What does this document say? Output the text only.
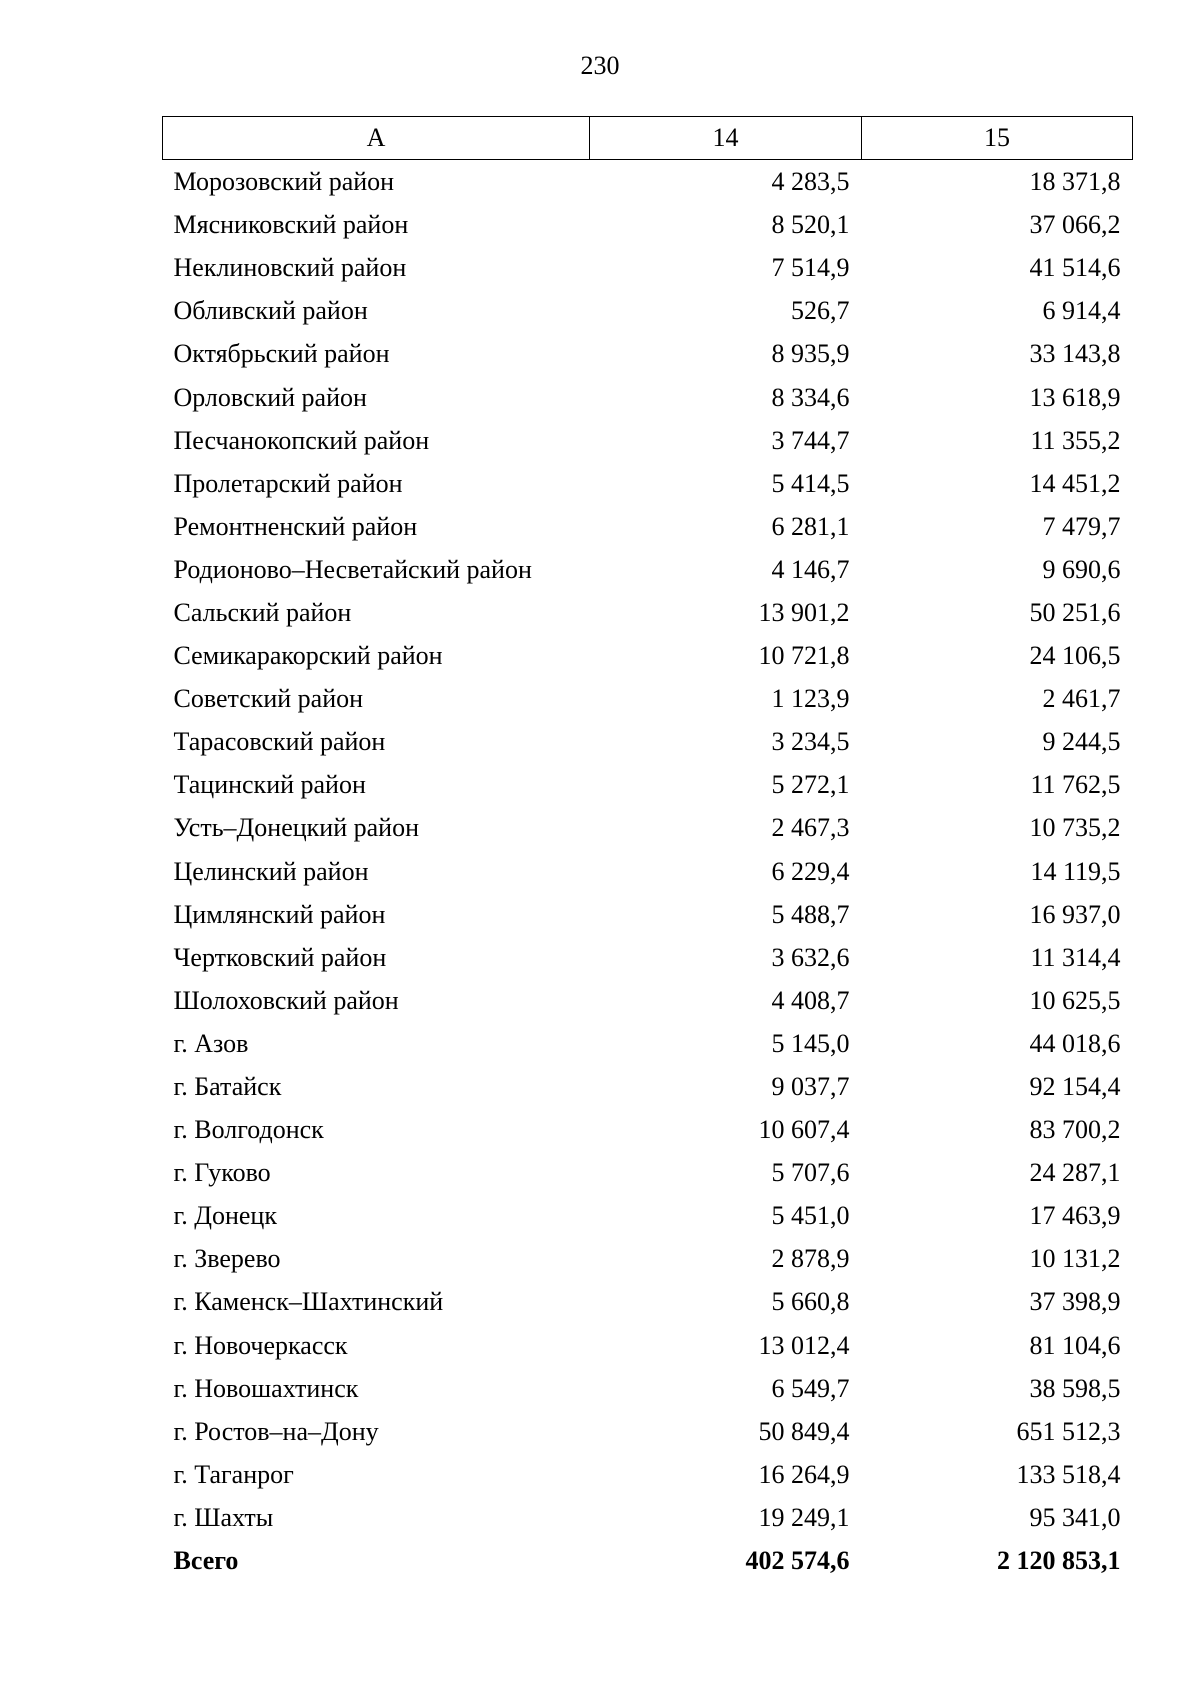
230
А	14	15
Морозовский район	4 283,5	18 371,8
Мясниковский район	8 520,1	37 066,2
Неклиновский район	7 514,9	41 514,6
Обливский район	526,7	6 914,4
Октябрьский район	8 935,9	33 143,8
Орловский район	8 334,6	13 618,9
Песчанокопский район	3 744,7	11 355,2
Пролетарский район	5 414,5	14 451,2
Ремонтненский район	6 281,1	7 479,7
Родионово–Несветайский район	4 146,7	9 690,6
Сальский район	13 901,2	50 251,6
Семикаракорский район	10 721,8	24 106,5
Советский район	1 123,9	2 461,7
Тарасовский район	3 234,5	9 244,5
Тацинский район	5 272,1	11 762,5
Усть–Донецкий район	2 467,3	10 735,2
Целинский район	6 229,4	14 119,5
Цимлянский район	5 488,7	16 937,0
Чертковский район	3 632,6	11 314,4
Шолоховский район	4 408,7	10 625,5
г. Азов	5 145,0	44 018,6
г. Батайск	9 037,7	92 154,4
г. Волгодонск	10 607,4	83 700,2
г. Гуково	5 707,6	24 287,1
г. Донецк	5 451,0	17 463,9
г. Зверево	2 878,9	10 131,2
г. Каменск–Шахтинский	5 660,8	37 398,9
г. Новочеркасск	13 012,4	81 104,6
г. Новошахтинск	6 549,7	38 598,5
г. Ростов–на–Дону	50 849,4	651 512,3
г. Таганрог	16 264,9	133 518,4
г. Шахты	19 249,1	95 341,0
Всего	402 574,6	2 120 853,1
